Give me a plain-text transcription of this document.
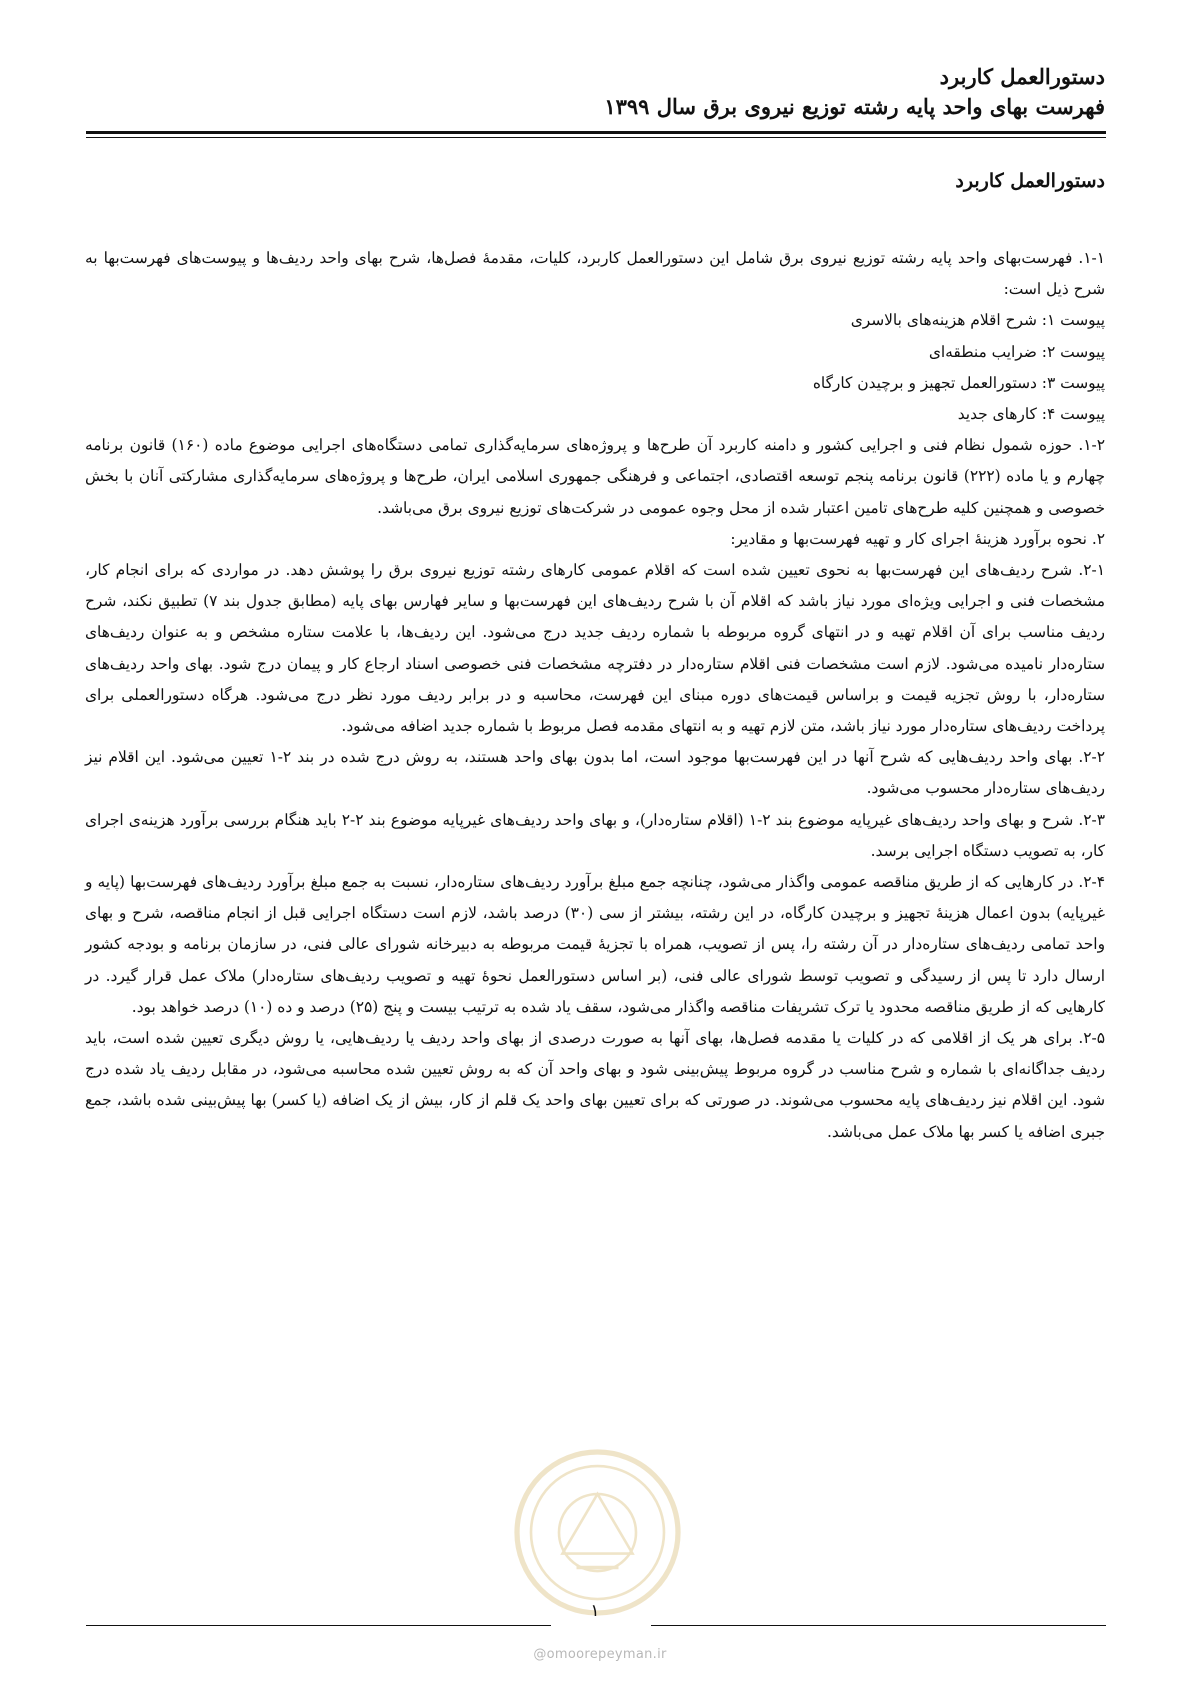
دستورالعمل کاربرد
فهرست بهای واحد پایه رشته توزیع نیروی برق سال ۱۳۹۹
دستورالعمل کاربرد

۱-۱. فهرست‌بهای واحد پایه رشته توزیع نیروی برق شامل این دستورالعمل کاربرد، کلیات، مقدمهٔ فصل‌ها، شرح بهای واحد ردیف‌ها و پیوست‌های فهرست‌بها به شرح ذیل است:

پیوست ۱: شرح اقلام هزینه‌های بالاسری

پیوست ۲: ضرایب منطقه‌ای

پیوست ۳: دستورالعمل تجهیز و برچیدن کارگاه

پیوست ۴: کارهای جدید

۱-۲. حوزه شمول نظام فنی و اجرایی کشور و دامنه کاربرد آن طرح‌ها و پروژه‌های سرمایه‌گذاری تمامی دستگاه‌های اجرایی موضوع ماده (۱۶۰) قانون برنامه چهارم و یا ماده (۲۲۲) قانون برنامه پنجم توسعه اقتصادی، اجتماعی و فرهنگی جمهوری اسلامی ایران، طرح‌ها و پروژه‌های سرمایه‌گذاری مشارکتی آنان با بخش خصوصی و همچنین کلیه طرح‌های تامین اعتبار شده از محل وجوه عمومی در شرکت‌های توزیع نیروی برق می‌باشد.

۲. نحوه برآورد هزینهٔ اجرای کار و تهیه فهرست‌بها و مقادیر:

۲-۱. شرح ردیف‌های این فهرست‌بها به نحوی تعیین شده است که اقلام عمومی کارهای رشته توزیع نیروی برق را پوشش دهد. در مواردی که برای انجام کار، مشخصات فنی و اجرایی ویژه‌ای مورد نیاز باشد که اقلام آن با شرح ردیف‌های این فهرست‌بها و سایر فهارس بهای پایه (مطابق جدول بند ۷) تطبیق نکند، شرح ردیف مناسب برای آن اقلام تهیه و در انتهای گروه مربوطه با شماره ردیف جدید درج می‌شود. این ردیف‌ها، با علامت ستاره مشخص و به عنوان ردیف‌های ستاره‌دار نامیده می‌شود. لازم است مشخصات فنی اقلام ستاره‌دار در دفترچه مشخصات فنی خصوصی اسناد ارجاع کار و پیمان درج شود. بهای واحد ردیف‌های ستاره‌دار، با روش تجزیه قیمت و براساس قیمت‌های دوره مبنای این فهرست، محاسبه و در برابر ردیف مورد نظر درج می‌شود. هرگاه دستورالعملی برای پرداخت ردیف‌های ستاره‌دار مورد نیاز باشد، متن لازم تهیه و به انتهای مقدمه فصل مربوط با شماره جدید اضافه می‌شود.

۲-۲. بهای واحد ردیف‌هایی که شرح آنها در این فهرست‌بها موجود است، اما بدون بهای واحد هستند، به روش درج شده در بند ۲-۱ تعیین می‌شود. این اقلام نیز ردیف‌های ستاره‌دار محسوب می‌شود.

۲-۳. شرح و بهای واحد ردیف‌های غیرپایه موضوع بند ۲-۱ (اقلام ستاره‌دار)، و بهای واحد ردیف‌های غیرپایه موضوع بند ۲-۲ باید هنگام بررسی برآورد هزینه‌ی اجرای کار، به تصویب دستگاه اجرایی برسد.

۲-۴. در کارهایی که از طریق مناقصه عمومی واگذار می‌شود، چنانچه جمع مبلغ برآورد ردیف‌های ستاره‌دار، نسبت به جمع مبلغ برآورد ردیف‌های فهرست‌بها (پایه و غیرپایه) بدون اعمال هزینهٔ تجهیز و برچیدن کارگاه، در این رشته، بیشتر از سی (۳۰) درصد باشد، لازم است دستگاه اجرایی قبل از انجام مناقصه، شرح و بهای واحد تمامی ردیف‌های ستاره‌دار در آن رشته را، پس از تصویب، همراه با تجزیهٔ قیمت مربوطه به دبیرخانه شورای عالی فنی، در سازمان برنامه و بودجه کشور ارسال دارد تا پس از رسیدگی و تصویب توسط شورای عالی فنی، (بر اساس دستورالعمل نحوهٔ تهیه و تصویب ردیف‌های ستاره‌دار) ملاک عمل قرار گیرد. در کارهایی که از طریق مناقصه محدود یا ترک تشریفات مناقصه واگذار می‌شود، سقف یاد شده به ترتیب بیست و پنج (۲۵) درصد و ده (۱۰) درصد خواهد بود.

۲-۵. برای هر یک از اقلامی که در کلیات یا مقدمه فصل‌ها، بهای آنها به صورت درصدی از بهای واحد ردیف یا ردیف‌هایی، یا روش دیگری تعیین شده است، باید ردیف جداگانه‌ای با شماره و شرح مناسب در گروه مربوط پیش‌بینی شود و بهای واحد آن که به روش تعیین شده محاسبه می‌شود، در مقابل ردیف یاد شده درج شود. این اقلام نیز ردیف‌های پایه محسوب می‌شوند. در صورتی که برای تعیین بهای واحد یک قلم از کار، بیش از یک اضافه (یا کسر) بها پیش‌بینی شده باشد، جمع جبری اضافه یا کسر بها ملاک عمل می‌باشد.

۱
@omoorepeyman.ir
